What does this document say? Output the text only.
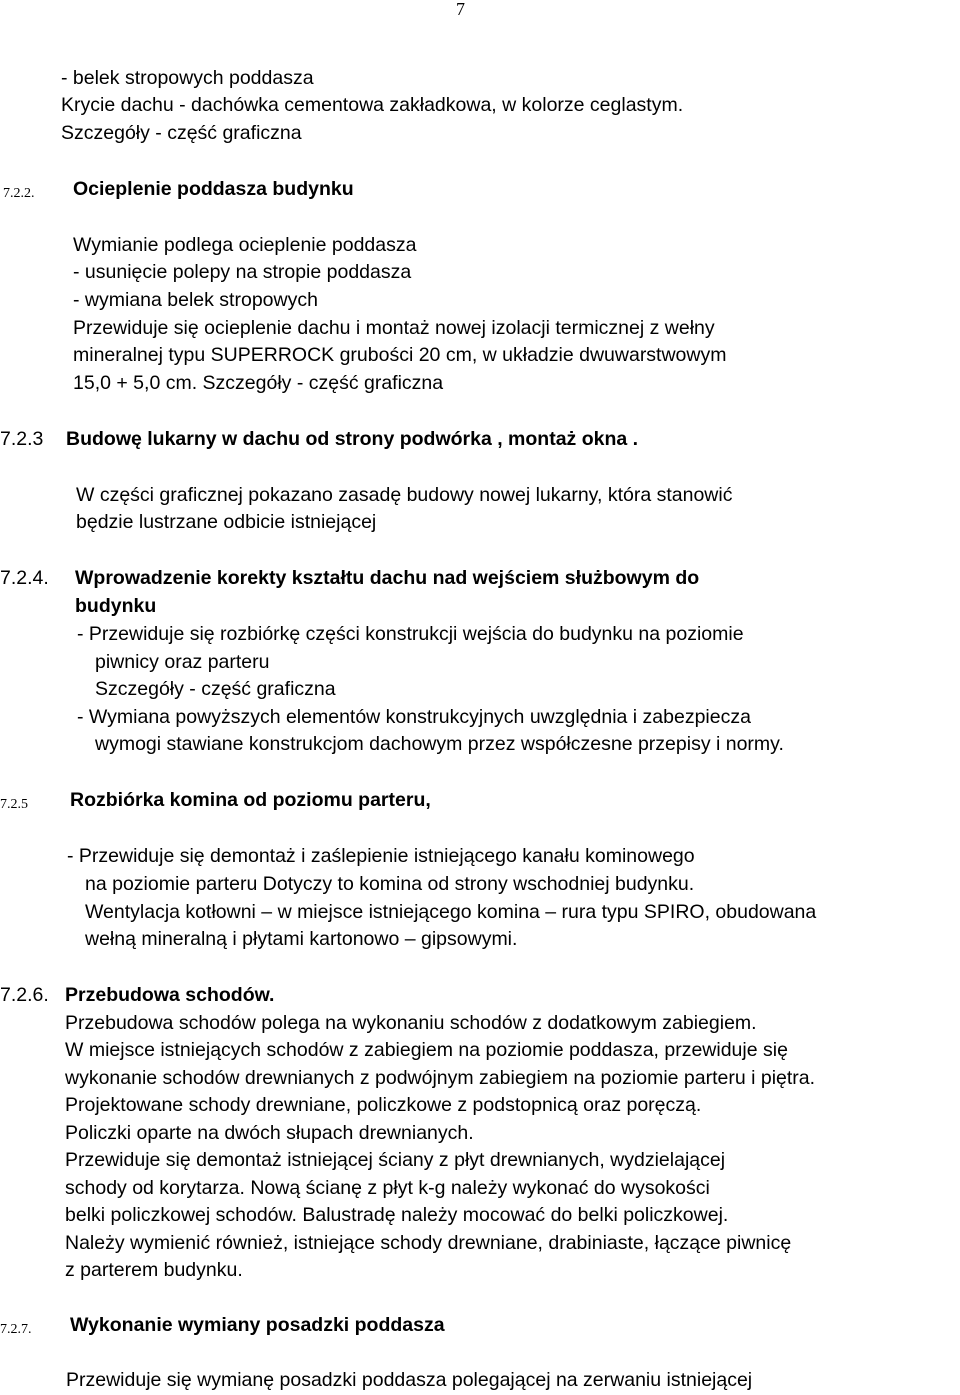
7
- belek stropowych poddasza
Krycie dachu - dachówka cementowa zakładkowa, w kolorze ceglastym.
Szczegóły - część graficzna
7.2.2. Ocieplenie poddasza budynku
Wymianie podlega ocieplenie poddasza
- usunięcie polepy na stropie poddasza
- wymiana belek stropowych
Przewiduje się ocieplenie dachu i montaż nowej izolacji termicznej z wełny
mineralnej typu SUPERROCK grubości 20 cm, w układzie dwuwarstwowym
15,0 + 5,0 cm. Szczegóły - część graficzna
7.2.3 Budowę lukarny w dachu od strony podwórka , montaż okna .
W części graficznej pokazano zasadę budowy nowej lukarny, która stanowić
będzie lustrzane odbicie istniejącej
7.2.4. Wprowadzenie korekty kształtu dachu nad wejściem służbowym do
budynku
- Przewiduje się rozbiórkę części konstrukcji wejścia do budynku na poziomie
piwnicy oraz parteru
Szczegóły - część graficzna
- Wymiana powyższych elementów konstrukcyjnych uwzględnia i zabezpiecza
wymogi stawiane konstrukcjom dachowym przez współczesne przepisy i normy.
7.2.5 Rozbiórka komina od poziomu parteru,
- Przewiduje się demontaż i zaślepienie istniejącego kanału kominowego
na poziomie parteru Dotyczy to komina od strony wschodniej budynku.
Wentylacja kotłowni – w miejsce istniejącego komina – rura typu SPIRO, obudowana
wełną mineralną i płytami kartonowo – gipsowymi.
7.2.6. Przebudowa schodów.
Przebudowa schodów polega na wykonaniu schodów z dodatkowym zabiegiem.
W miejsce istniejących schodów z zabiegiem na poziomie poddasza, przewiduje się
wykonanie schodów drewnianych z podwójnym zabiegiem na poziomie parteru i piętra.
Projektowane schody drewniane, policzkowe z podstopnicą oraz poręczą.
Policzki oparte na dwóch słupach drewnianych.
Przewiduje się demontaż istniejącej ściany z płyt drewnianych, wydzielającej
schody od korytarza. Nową ścianę z płyt k-g należy wykonać do wysokości
belki policzkowej schodów. Balustradę należy mocować do belki policzkowej.
Należy wymienić również, istniejące schody drewniane, drabiniaste, łączące piwnicę
z parterem budynku.
7.2.7. Wykonanie wymiany posadzki poddasza
Przewiduje się wymianę posadzki poddasza polegającej na zerwaniu istniejącej
